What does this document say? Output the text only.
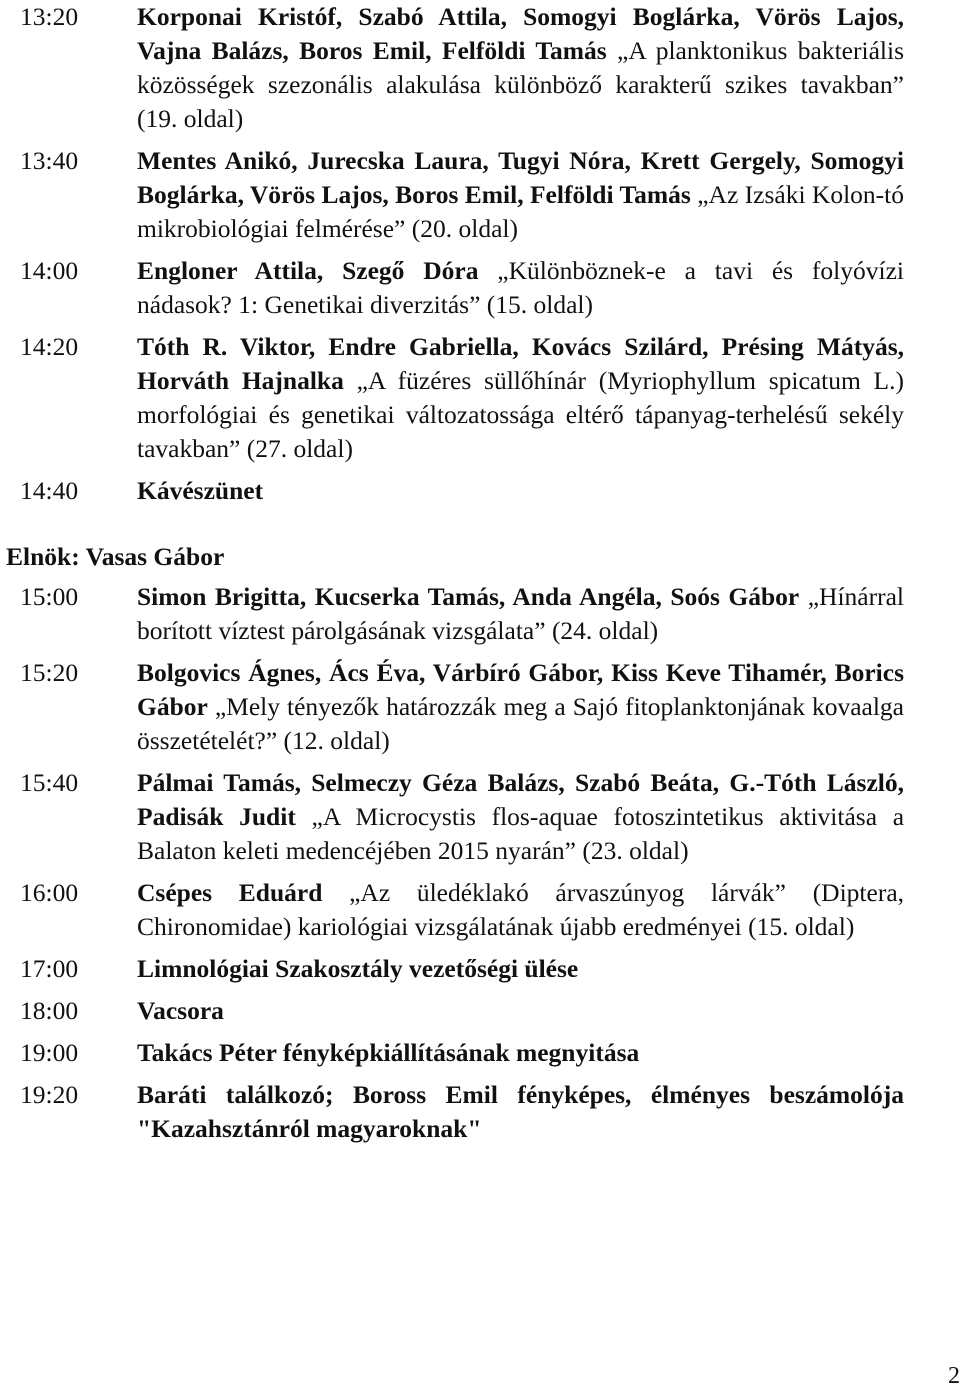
13:20	Korponai Kristóf, Szabó Attila, Somogyi Boglárka, Vörös Lajos, Vajna Balázs, Boros Emil, Felföldi Tamás „A planktonikus bakteriális közösségek szezonális alakulása különböző karakterű szikes tavakban” (19. oldal)
13:40	Mentes Anikó, Jurecska Laura, Tugyi Nóra, Krett Gergely, Somogyi Boglárka, Vörös Lajos, Boros Emil, Felföldi Tamás „Az Izsáki Kolon-tó mikrobiológiai felmérése” (20. oldal)
14:00	Engloner Attila, Szegő Dóra „Különböznek-e a tavi és folyóvízi nádasok? 1: Genetikai diverzitás” (15. oldal)
14:20	Tóth R. Viktor, Endre Gabriella, Kovács Szilárd, Présing Mátyás, Horváth Hajnalka „A füzéres süllőhínár (Myriophyllum spicatum L.) morfológiai és genetikai változatossága eltérő tápanyag-terhelésű sekély tavakban” (27. oldal)
14:40	Kávészünet
Elnök: Vasas Gábor
15:00	Simon Brigitta, Kucserka Tamás, Anda Angéla, Soós Gábor „Hínárral borított víztest párolgásának vizsgálata” (24. oldal)
15:20	Bolgovics Ágnes, Ács Éva, Várbíró Gábor, Kiss Keve Tihamér, Borics Gábor „Mely tényezők határozzák meg a Sajó fitoplanktonjának kovaalga összetételét?” (12. oldal)
15:40	Pálmai Tamás, Selmeczy Géza Balázs, Szabó Beáta, G.-Tóth László, Padisák Judit „A Microcystis flos-aquae fotoszintetikus aktivitása a Balaton keleti medencéjében 2015 nyarán” (23. oldal)
16:00	Csépes Eduárd „Az üledéklakó árvaszúnyog lárvák” (Diptera, Chironomidae) kariológiai vizsgálatának újabb eredményei (15. oldal)
17:00	Limnológiai Szakosztály vezetőségi ülése
18:00	Vacsora
19:00	Takács Péter fényképkiállításának megnyitása
19:20	Baráti találkozó; Boross Emil fényképes, élményes beszámolója "Kazahsztánról magyaroknak"
2
